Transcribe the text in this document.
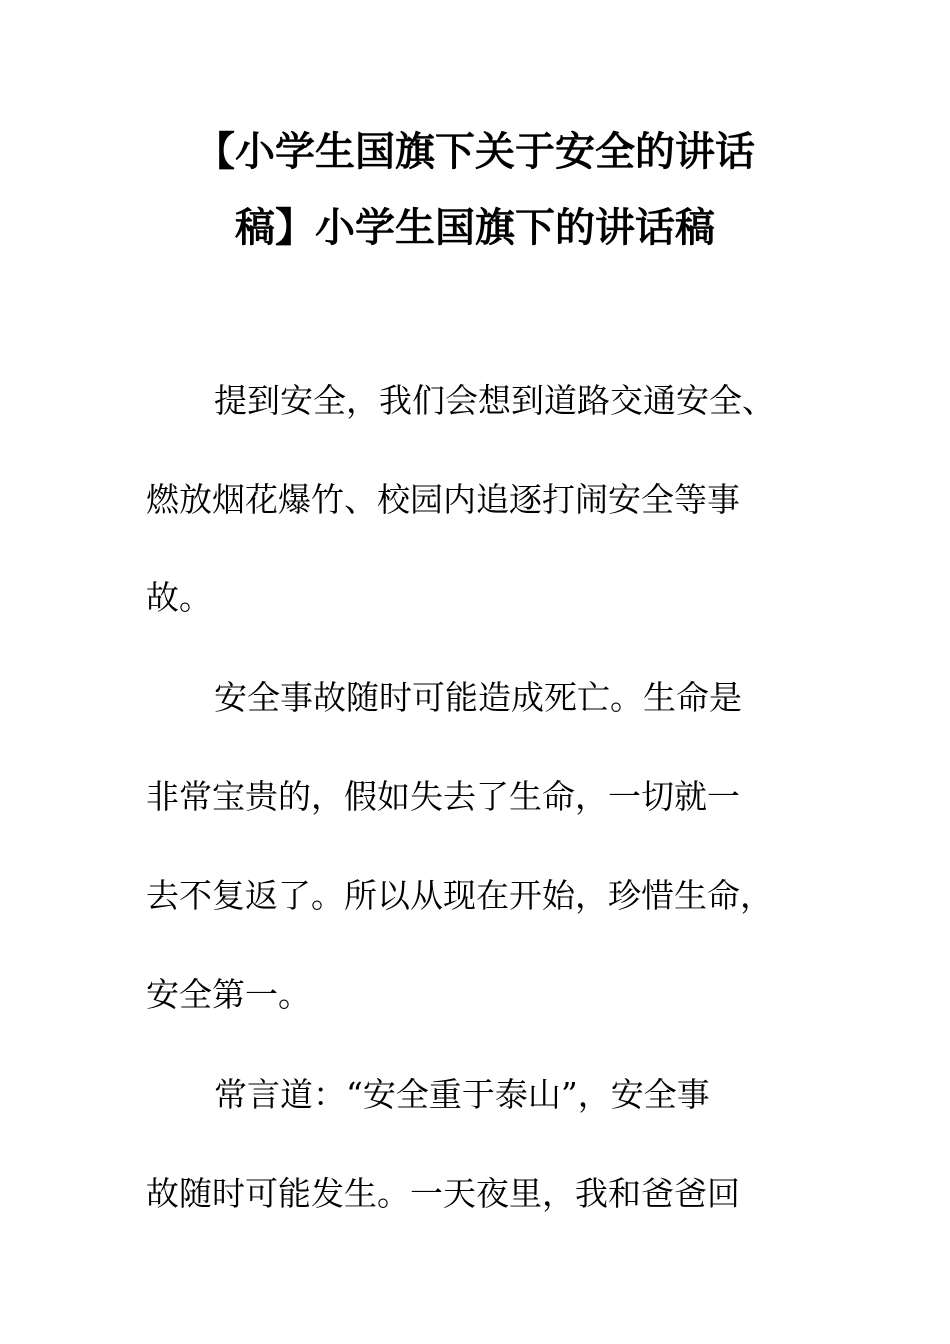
【小学生国旗下关于安全的讲话
稿】小学生国旗下的讲话稿
提到安全，我们会想到道路交通安全、
燃放烟花爆竹、校园内追逐打闹安全等事
故。
安全事故随时可能造成死亡。生命是
非常宝贵的，假如失去了生命，一切就一
去不复返了。所以从现在开始，珍惜生命，
安全第一。
常言道：“安全重于泰山”，安全事
故随时可能发生。一天夜里，我和爸爸回
